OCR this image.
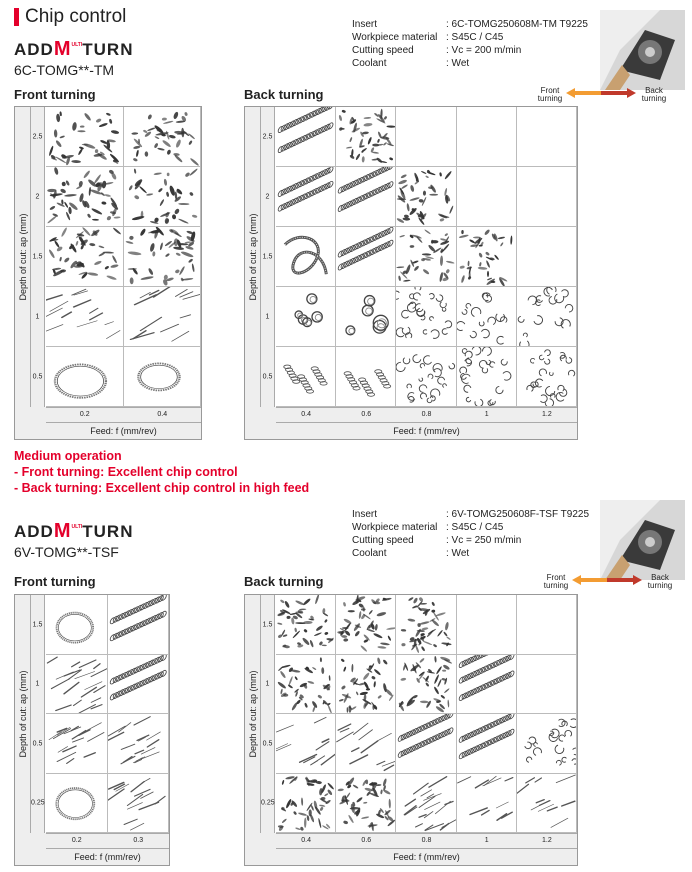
Chip control
$ADDM^{ULTI}TURN$
6C-TOMG**-TM
Insert	: 6C-TOMG250608M-TM T9225
Workpiece material : S45C / C45
Cutting speed	: Vc = 200 m/min
Coolant	: Wet
Front turning
Back turning
Front turning	Back turning
Depth of cut: ap (mm)
2.5
2
1.5
1
0.5
0.2	0.4
Feed: f (mm/rev)
Depth of cut: ap (mm)
2.5
2
1.5
1
0.5
0.4	0.6	0.8	1	1.2
Feed: f (mm/rev)
Medium operation
- Front turning: Excellent chip control
- Back turning: Excellent chip control in high feed
$ADDM^{ULTI}TURN$
6V-TOMG**-TSF
Insert	: 6V-TOMG250608F-TSF T9225
Workpiece material : S45C / C45
Cutting speed	: Vc = 250 m/min
Coolant	: Wet
Front turning
Back turning
Front turning	Back turning
Depth of cut: ap (mm)
1.5
1
0.5
0.25
0.2	0.3
Feed: f (mm/rev)
Depth of cut: ap (mm)
1.5
1
0.5
0.25
0.4	0.6	0.8	1	1.2
Feed: f (mm/rev)
